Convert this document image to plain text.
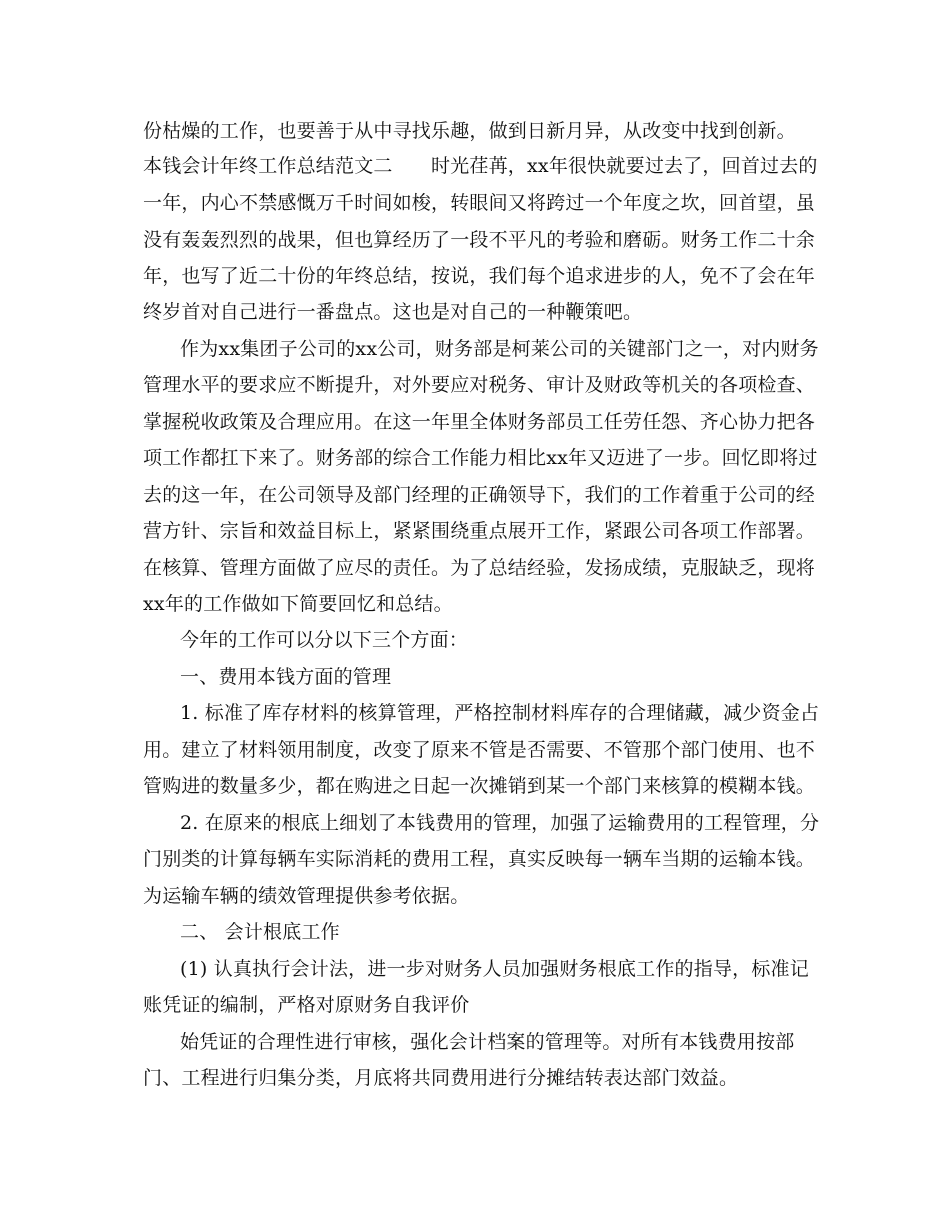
份枯燥的工作，也要善于从中寻找乐趣，做到日新月异，从改变中找到创新。
本钱会计年终工作总结范文二　　时光荏苒，xx年很快就要过去了，回首过去的
一年，内心不禁感慨万千时间如梭，转眼间又将跨过一个年度之坎，回首望，虽
没有轰轰烈烈的战果，但也算经历了一段不平凡的考验和磨砺。财务工作二十余
年，也写了近二十份的年终总结，按说，我们每个追求进步的人，免不了会在年
终岁首对自己进行一番盘点。这也是对自己的一种鞭策吧。
作为xx集团子公司的xx公司，财务部是柯莱公司的关键部门之一，对内财务
管理水平的要求应不断提升，对外要应对税务、审计及财政等机关的各项检查、
掌握税收政策及合理应用。在这一年里全体财务部员工任劳任怨、齐心协力把各
项工作都扛下来了。财务部的综合工作能力相比xx年又迈进了一步。回忆即将过
去的这一年，在公司领导及部门经理的正确领导下，我们的工作着重于公司的经
营方针、宗旨和效益目标上，紧紧围绕重点展开工作，紧跟公司各项工作部署。
在核算、管理方面做了应尽的责任。为了总结经验，发扬成绩，克服缺乏，现将
xx年的工作做如下简要回忆和总结。
今年的工作可以分以下三个方面：
一、费用本钱方面的管理
1. 标准了库存材料的核算管理，严格控制材料库存的合理储藏，减少资金占
用。建立了材料领用制度，改变了原来不管是否需要、不管那个部门使用、也不
管购进的数量多少，都在购进之日起一次摊销到某一个部门来核算的模糊本钱。
2. 在原来的根底上细划了本钱费用的管理，加强了运输费用的工程管理，分
门别类的计算每辆车实际消耗的费用工程，真实反映每一辆车当期的运输本钱。
为运输车辆的绩效管理提供参考依据。
二、 会计根底工作
(1) 认真执行会计法，进一步对财务人员加强财务根底工作的指导，标准记
账凭证的编制，严格对原财务自我评价
始凭证的合理性进行审核，强化会计档案的管理等。对所有本钱费用按部
门、工程进行归集分类，月底将共同费用进行分摊结转表达部门效益。
